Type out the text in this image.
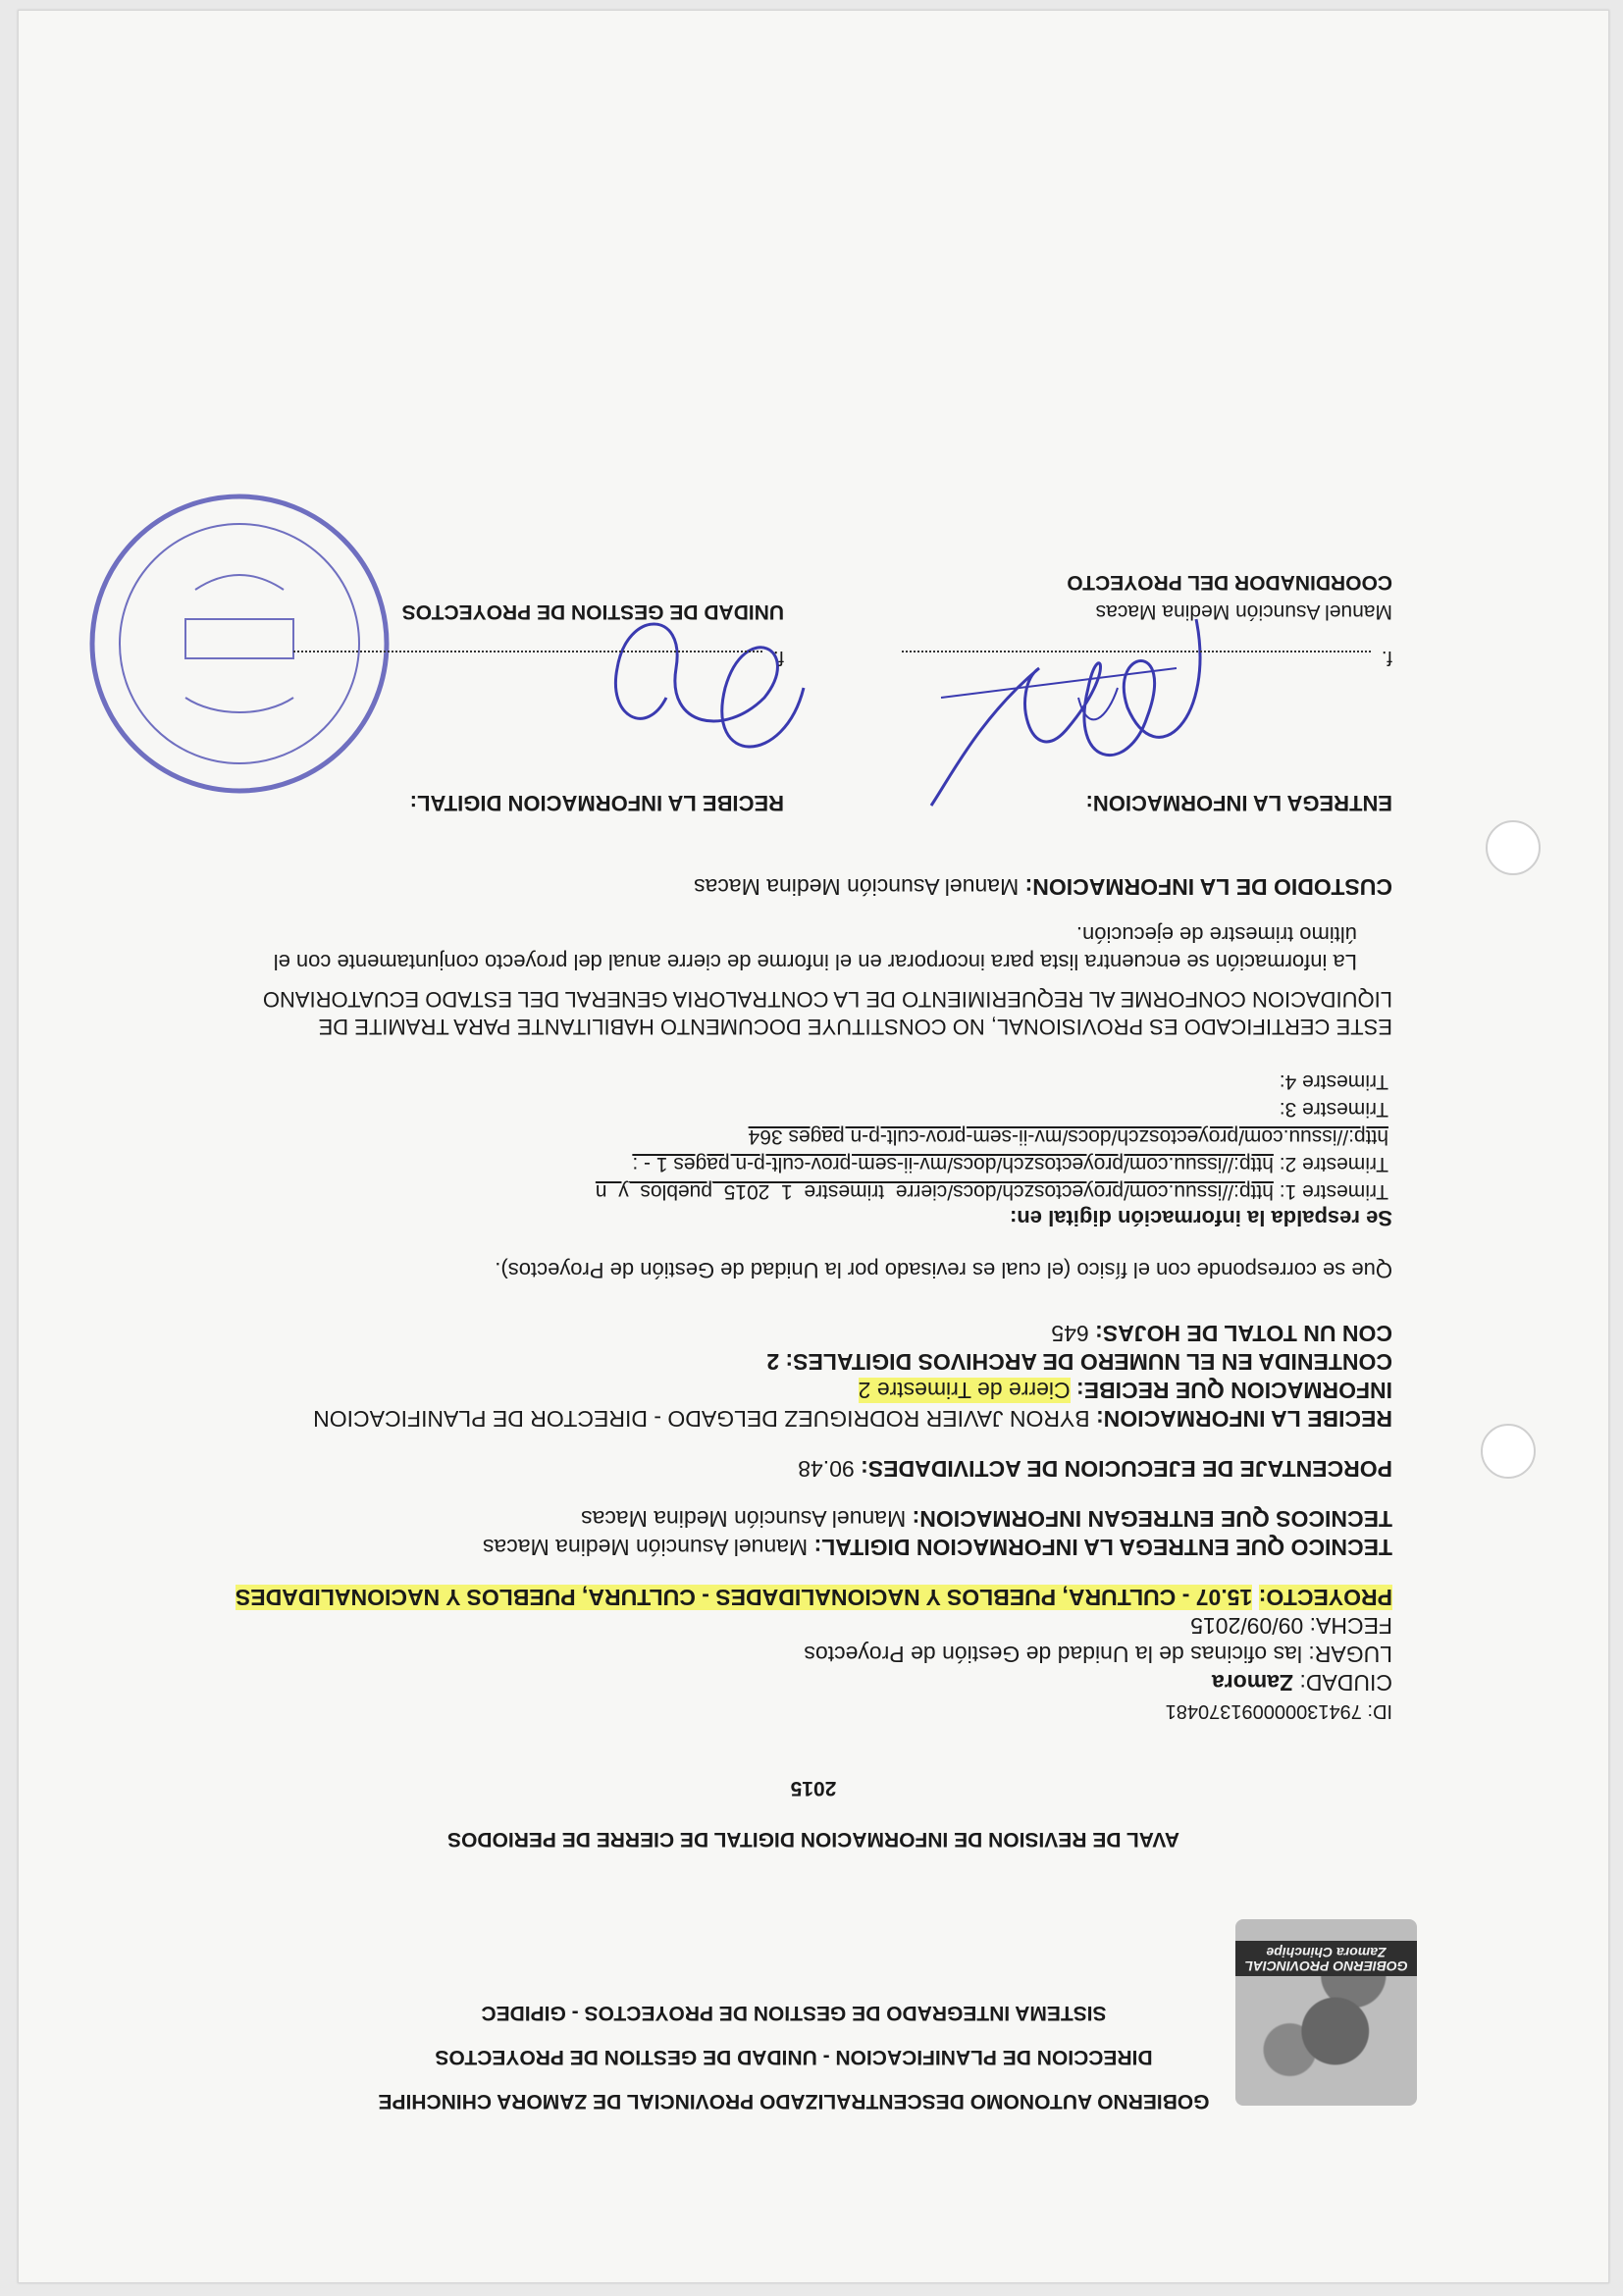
GOBIERNO PROVINCIAL Zamora Chinchipe

GOBIERNO AUTONOMO DESCENTRALIZADO PROVINCIAL DE ZAMORA CHINCHIPE

DIRECCION DE PLANIFICACION - UNIDAD DE GESTION DE PROYECTOS

SISTEMA INTEGRADO DE GESTION DE PROYECTOS - GIPIDEC

AVAL DE REVISION DE INFORMACION DIGITAL DE CIERRE DE PERIODOS
2015
ID: 794130000091370481
CIUDAD: Zamora
LUGAR: las oficinas de la Unidad de Gestión de Proyectos
FECHA: 09/09/2015
PROYECTO: 15.07 - CULTURA, PUEBLOS Y NACIONALIDADES - CULTURA, PUEBLOS Y NACIONALIDADES
TECNICO QUE ENTREGA LA INFORMACION DIGITAL: Manuel Asunción Medina Macas
TECNICOS QUE ENTREGAN INFORMACION: Manuel Asunción Medina Macas
PORCENTAJE DE EJECUCION DE ACTIVIDADES: 90.48
RECIBE LA INFORMACION: BYRON JAVIER RODRIGUEZ DELGADO - DIRECTOR DE PLANIFICACION
INFORMACION QUE RECIBE: Cierre de Trimestre 2
CONTENIDA EN EL NUMERO DE ARCHIVOS DIGITALES: 2
CON UN TOTAL DE HOJAS: 645
Que se corresponde con el físico (el cual es revisado por la Unidad de Gestión de Proyectos).
Se respalda la información digital en:
Trimestre 1: http://issuu.com/proyectoszch/docs/cierre_trimestre_1_2015_pueblos_y_n
Trimestre 2: http://issuu.com/proyectoszch/docs/mv-ii-sem-prov-cult-p-n pages 1 - :
http://issuu.com/proyectoszch/docs/mv-ii-sem-prov-cult-p-n pages 364
Trimestre 3:
Trimestre 4:
ESTE CERTIFICADO ES PROVISIONAL, NO CONSTITUYE DOCUMENTO HABILITANTE PARA TRAMITE DE LIQUIDACION CONFORME AL REQUERIMIENTO DE LA CONTRALORIA GENERAL DEL ESTADO ECUATORIANO
La información se encuentra lista para incorporar en el informe de cierre anual del proyecto conjuntamente con el último trimestre de ejecución.
CUSTODIO DE LA INFORMACION: Manuel Asunción Medina Macas
ENTREGA LA INFORMACION:
f.
Manuel Asunción Medina Macas
COORDINADOR DEL PROYECTO
RECIBE LA INFORMACION DIGITAL:
f.
UNIDAD DE GESTION DE PROYECTOS
